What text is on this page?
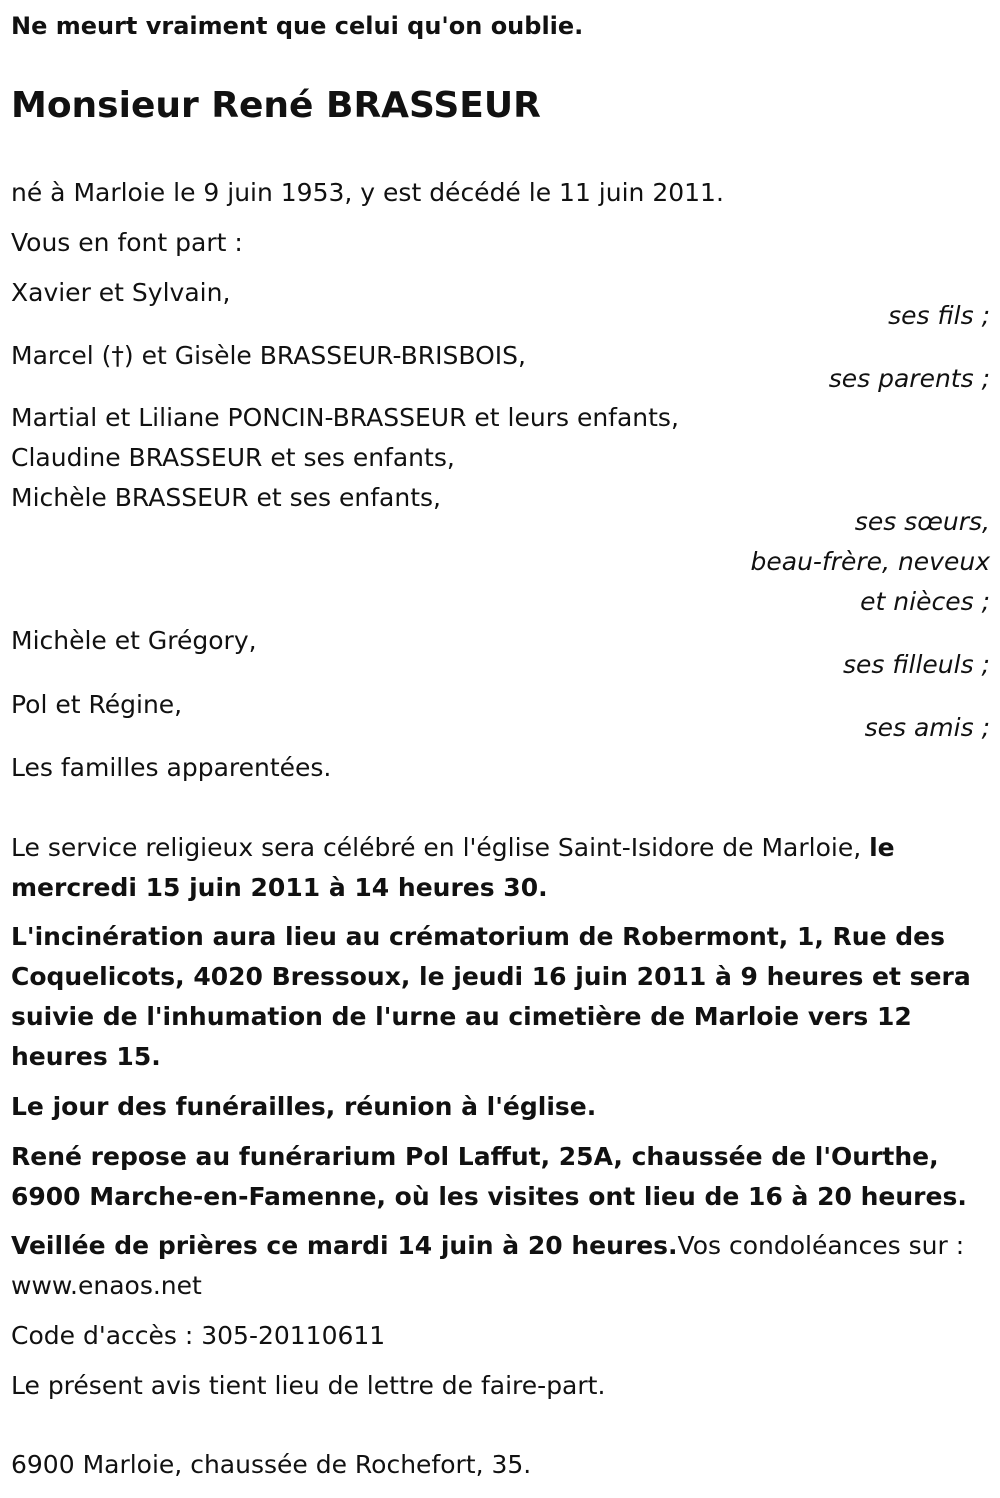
Ne meurt vraiment que celui qu'on oublie.

Monsieur René BRASSEUR

né à Marloie le 9 juin 1953, y est décédé le 11 juin 2011.

Vous en font part :

Xavier et Sylvain,

ses fils ;

Marcel (†) et Gisèle BRASSEUR-BRISBOIS,

ses parents ;

Martial et Liliane PONCIN-BRASSEUR et leurs enfants,

Claudine BRASSEUR et ses enfants,

Michèle BRASSEUR et ses enfants,

ses sœurs,

beau-frère, neveux

et nièces ;

Michèle et Grégory,

ses filleuls ;

Pol et Régine,

ses amis ;

Les familles apparentées.

Le service religieux sera célébré en l'église Saint-Isidore de Marloie, le mercredi 15 juin 2011 à 14 heures 30.

L'incinération aura lieu au crématorium de Robermont, 1, Rue des Coquelicots, 4020 Bressoux, le jeudi 16 juin 2011 à 9 heures et sera suivie de l'inhumation de l'urne au cimetière de Marloie vers 12 heures 15.

Le jour des funérailles, réunion à l'église.

René repose au funérarium Pol Laffut, 25A, chaussée de l'Ourthe, 6900 Marche-en-Famenne, où les visites ont lieu de 16 à 20 heures.

Veillée de prières ce mardi 14 juin à 20 heures.Vos condoléances sur : www.enaos.net

Code d'accès : 305-20110611

Le présent avis tient lieu de lettre de faire-part.

6900 Marloie, chaussée de Rochefort, 35.
